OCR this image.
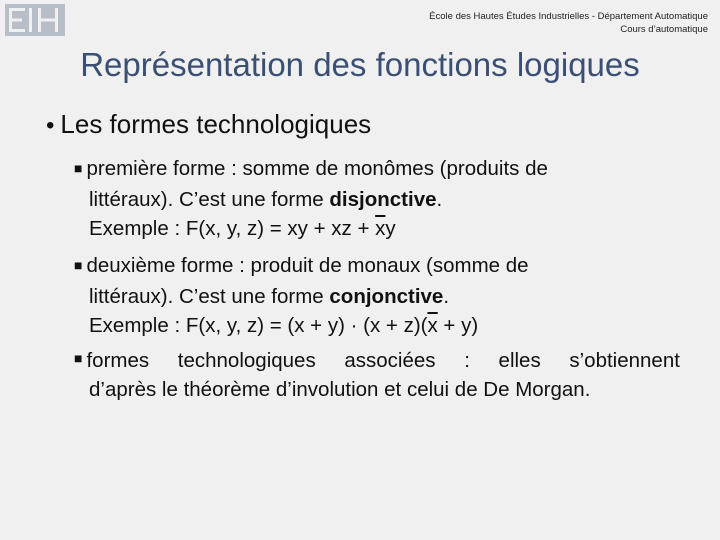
École des Hautes Études Industrielles - Département Automatique
Cours d’automatique
Représentation des fonctions logiques
• Les formes technologiques
■ première forme : somme de monômes (produits de
littéraux). C’est une forme disjonctive.
Exemple : F(x, y, z) = xy + xz + $\overline{x}y$
■ deuxième forme : produit de monaux (somme de
littéraux). C’est une forme conjonctive.
Exemple : F(x, y, $z) = (x + y) \cdot (x + z)(\overline{x} + y)$
■ formes technologiques associées : elles s’obtiennent
d’après le théorème d’involution et celui de De Morgan.
